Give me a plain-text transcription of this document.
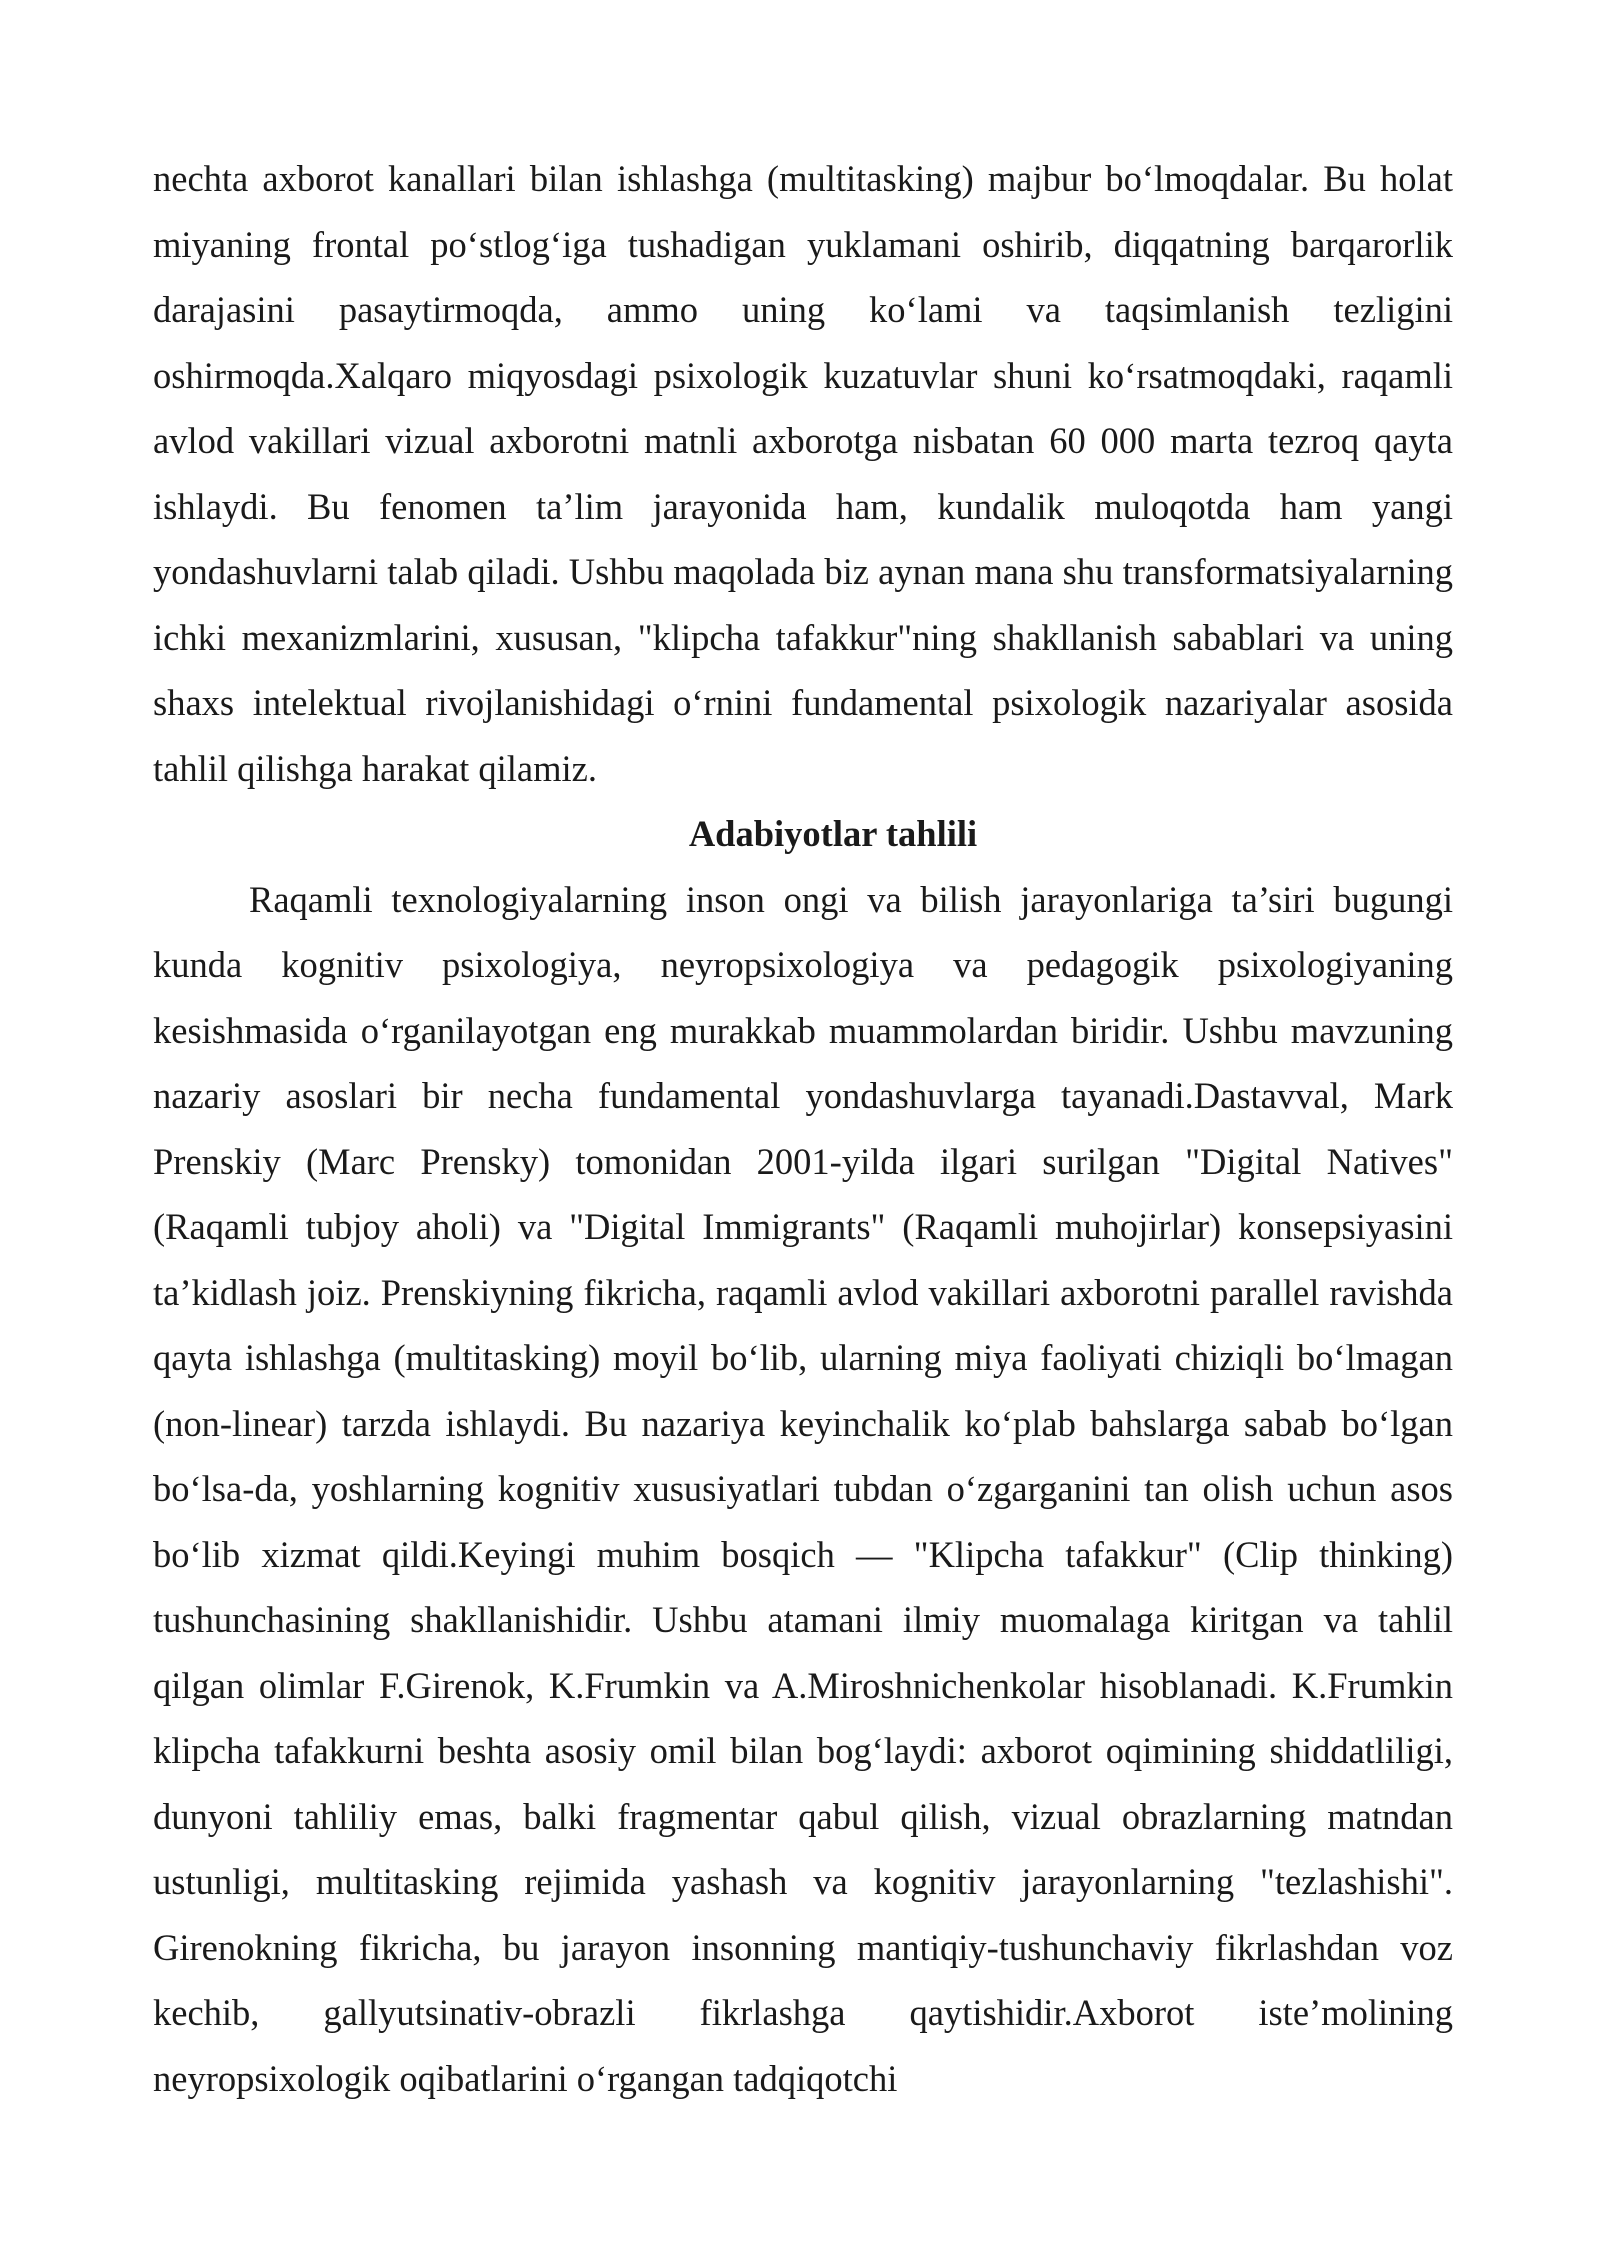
nechta axborot kanallari bilan ishlashga (multitasking) majbur boʻlmoqdalar. Bu holat miyaning frontal poʻstlogʻiga tushadigan yuklamani oshirib, diqqatning barqarorlik darajasini pasaytirmoqda, ammo uning koʻlami va taqsimlanish tezligini oshirmoqda.Xalqaro miqyosdagi psixologik kuzatuvlar shuni koʻrsatmoqdaki, raqamli avlod vakillari vizual axborotni matnli axborotga nisbatan 60 000 marta tezroq qayta ishlaydi. Bu fenomen ta’lim jarayonida ham, kundalik muloqotda ham yangi yondashuvlarni talab qiladi. Ushbu maqolada biz aynan mana shu transformatsiyalarning ichki mexanizmlarini, xususan, "klipcha tafakkur"ning shakllanish sabablari va uning shaxs intelektual rivojlanishidagi oʻrnini fundamental psixologik nazariyalar asosida tahlil qilishga harakat qilamiz.

Adabiyotlar tahlili

Raqamli texnologiyalarning inson ongi va bilish jarayonlariga ta’siri bugungi kunda kognitiv psixologiya, neyropsixologiya va pedagogik psixologiyaning kesishmasida oʻrganilayotgan eng murakkab muammolardan biridir. Ushbu mavzuning nazariy asoslari bir necha fundamental yondashuvlarga tayanadi.Dastavval, Mark Prenskiy (Marc Prensky) tomonidan 2001-yilda ilgari surilgan "Digital Natives" (Raqamli tubjoy aholi) va "Digital Immigrants" (Raqamli muhojirlar) konsepsiyasini ta’kidlash joiz. Prenskiyning fikricha, raqamli avlod vakillari axborotni parallel ravishda qayta ishlashga (multitasking) moyil boʻlib, ularning miya faoliyati chiziqli boʻlmagan (non-linear) tarzda ishlaydi. Bu nazariya keyinchalik koʻplab bahslarga sabab boʻlgan boʻlsa-da, yoshlarning kognitiv xususiyatlari tubdan oʻzgarganini tan olish uchun asos boʻlib xizmat qildi.Keyingi muhim bosqich — "Klipcha tafakkur" (Clip thinking) tushunchasining shakllanishidir. Ushbu atamani ilmiy muomalaga kiritgan va tahlil qilgan olimlar F.Girenok, K.Frumkin va A.Miroshnichenkolar hisoblanadi. K.Frumkin klipcha tafakkurni beshta asosiy omil bilan bogʻlaydi: axborot oqimining shiddatliligi, dunyoni tahliliy emas, balki fragmentar qabul qilish, vizual obrazlarning matndan ustunligi, multitasking rejimida yashash va kognitiv jarayonlarning "tezlashishi". Girenokning fikricha, bu jarayon insonning mantiqiy-tushunchaviy fikrlashdan voz kechib, gallyutsinativ-obrazli fikrlashga qaytishidir.Axborot iste’molining neyropsixologik oqibatlarini oʻrgangan tadqiqotchi
